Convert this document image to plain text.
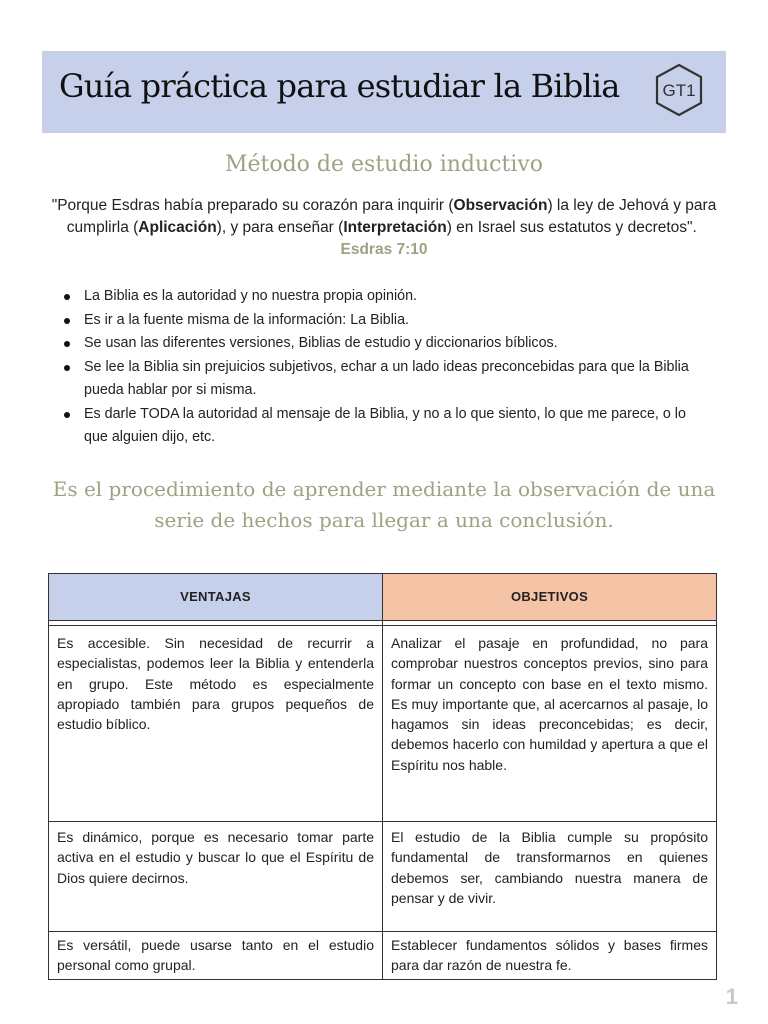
Guía práctica para estudiar la Biblia	GT1
Método de estudio inductivo
"Porque Esdras había preparado su corazón para inquirir (Observación) la ley de Jehová y para cumplirla (Aplicación), y para enseñar (Interpretación) en Israel sus estatutos y decretos".  Esdras 7:10
La Biblia es la autoridad y no nuestra propia opinión.
Es ir a la fuente misma de la información: La Biblia.
Se usan las diferentes versiones, Biblias de estudio y diccionarios bíblicos.
Se lee la Biblia sin prejuicios subjetivos, echar a un lado ideas preconcebidas para que la Biblia pueda hablar por si misma.
Es darle TODA la autoridad al mensaje de la Biblia, y no a lo que siento, lo que me parece, o lo que alguien dijo, etc.
Es el procedimiento de aprender mediante la observación de una serie de hechos para llegar a una conclusión.
VENTAJAS	OBJETIVOS

Es accesible. Sin necesidad de recurrir a especialistas, podemos leer la Biblia y entenderla en grupo. Este método es especialmente apropiado también para grupos pequeños de estudio bíblico.	Analizar el pasaje en profundidad, no para comprobar nuestros conceptos previos, sino para formar un concepto con base en el texto mismo. Es muy importante que, al acercarnos al pasaje, lo hagamos sin ideas preconcebidas; es decir, debemos hacerlo con humildad y apertura a que el Espíritu nos hable.
Es dinámico, porque es necesario tomar parte activa en el estudio y buscar lo que el Espíritu de Dios quiere decirnos.	El estudio de la Biblia cumple su propósito fundamental de transformarnos en quienes debemos ser, cambiando nuestra manera de pensar y de vivir.
Es versátil, puede usarse tanto en el estudio personal como grupal.	Establecer fundamentos sólidos y bases firmes para dar razón de nuestra fe.
1
